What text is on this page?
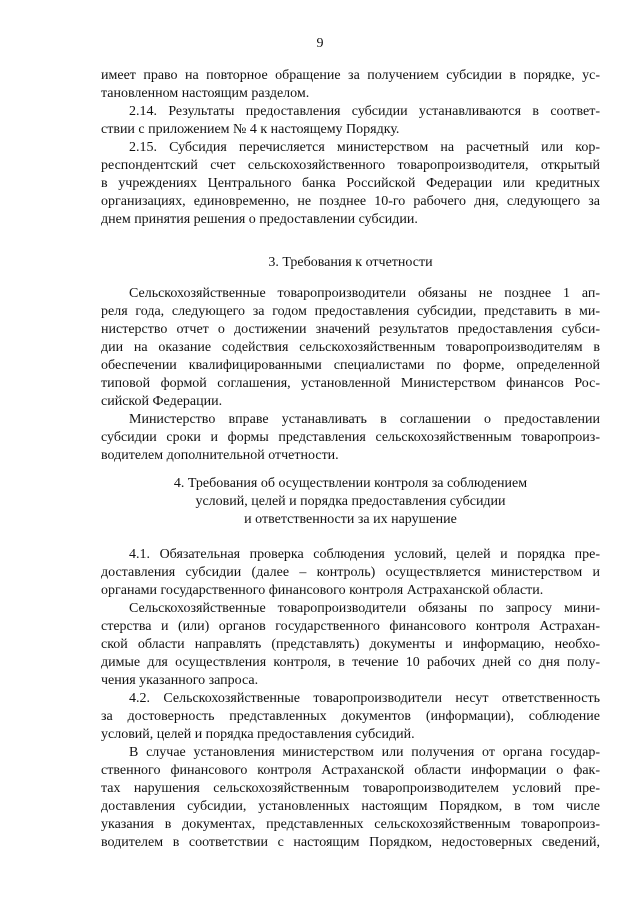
9
имеет право на повторное обращение за получением субсидии в порядке, ус-
тановленном настоящим разделом.
2.14. Результаты предоставления субсидии устанавливаются в соответ-
ствии с приложением № 4 к настоящему Порядку.
2.15. Субсидия перечисляется министерством на расчетный или кор-
респондентский счет сельскохозяйственного товаропроизводителя, открытый
в учреждениях Центрального банка Российской Федерации или кредитных
организациях, единовременно, не позднее 10-го рабочего дня, следующего за
днем принятия решения о предоставлении субсидии.
3. Требования к отчетности
Сельскохозяйственные товаропроизводители обязаны не позднее 1 ап-
реля года, следующего за годом предоставления субсидии, представить в ми-
нистерство отчет о достижении значений результатов предоставления субси-
дии на оказание содействия сельскохозяйственным товаропроизводителям в
обеспечении квалифицированными специалистами по форме, определенной
типовой формой соглашения, установленной Министерством финансов Рос-
сийской Федерации.
Министерство вправе устанавливать в соглашении о предоставлении
субсидии сроки и формы представления сельскохозяйственным товаропроиз-
водителем дополнительной отчетности.
4. Требования об осуществлении контроля за соблюдением
условий, целей и порядка предоставления субсидии
и ответственности за их нарушение
4.1. Обязательная проверка соблюдения условий, целей и порядка пре-
доставления субсидии (далее – контроль) осуществляется министерством и
органами государственного финансового контроля Астраханской области.
Сельскохозяйственные товаропроизводители обязаны по запросу мини-
стерства и (или) органов государственного финансового контроля Астрахан-
ской области направлять (представлять) документы и информацию, необхо-
димые для осуществления контроля, в течение 10 рабочих дней со дня полу-
чения указанного запроса.
4.2. Сельскохозяйственные товаропроизводители несут ответственность
за достоверность представленных документов (информации), соблюдение
условий, целей и порядка предоставления субсидий.
В случае установления министерством или получения от органа государ-
ственного финансового контроля Астраханской области информации о фак-
тах нарушения сельскохозяйственным товаропроизводителем условий пре-
доставления субсидии, установленных настоящим Порядком, в том числе
указания в документах, представленных сельскохозяйственным товаропроиз-
водителем в соответствии с настоящим Порядком, недостоверных сведений,
